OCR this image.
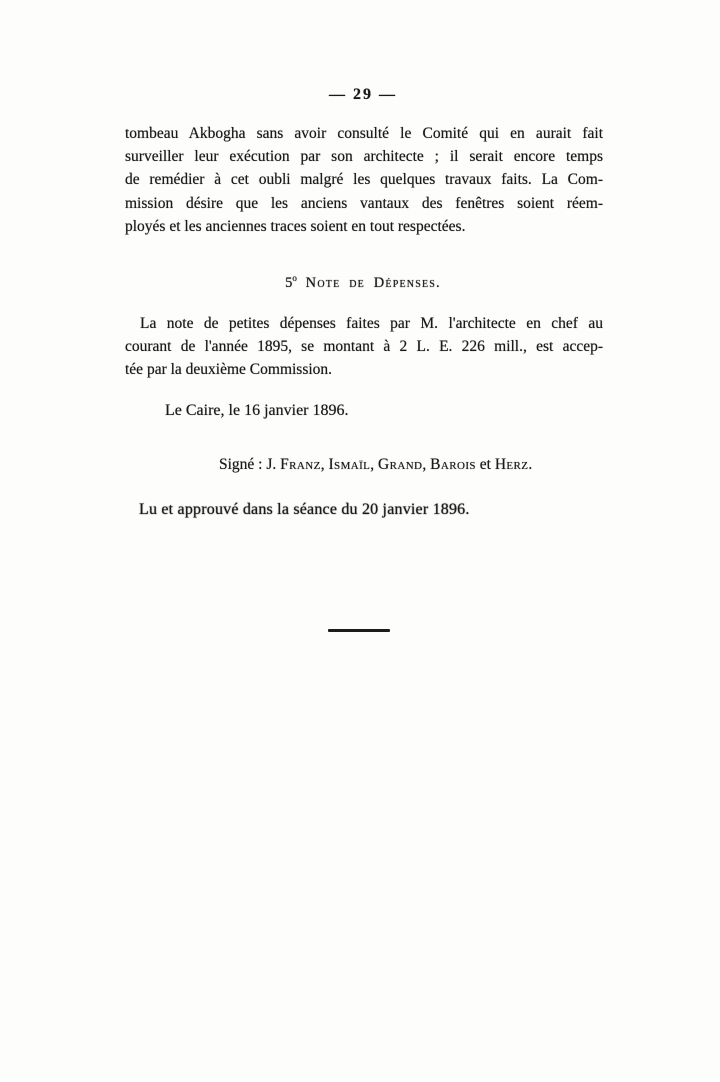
— 29 —
tombeau Akbogha sans avoir consulté le Comité qui en aurait fait
surveiller leur exécution par son architecte ; il serait encore temps
de remédier à cet oubli malgré les quelques travaux faits. La Com-
mission désire que les anciens vantaux des fenêtres soient réem-
ployés et les anciennes traces soient en tout respectées.
5$^o$ Note de Dépenses.
La note de petites dépenses faites par M. l'architecte en chef au
courant de l'année 1895, se montant à 2 L. E. 226 mill., est accep-
tée par la deuxième Commission.
Le Caire, le 16 janvier 1896.
Signé : J. Franz, Ismaïl, Grand, Barois et Herz.
Lu et approuvé dans la séance du 20 janvier 1896.
